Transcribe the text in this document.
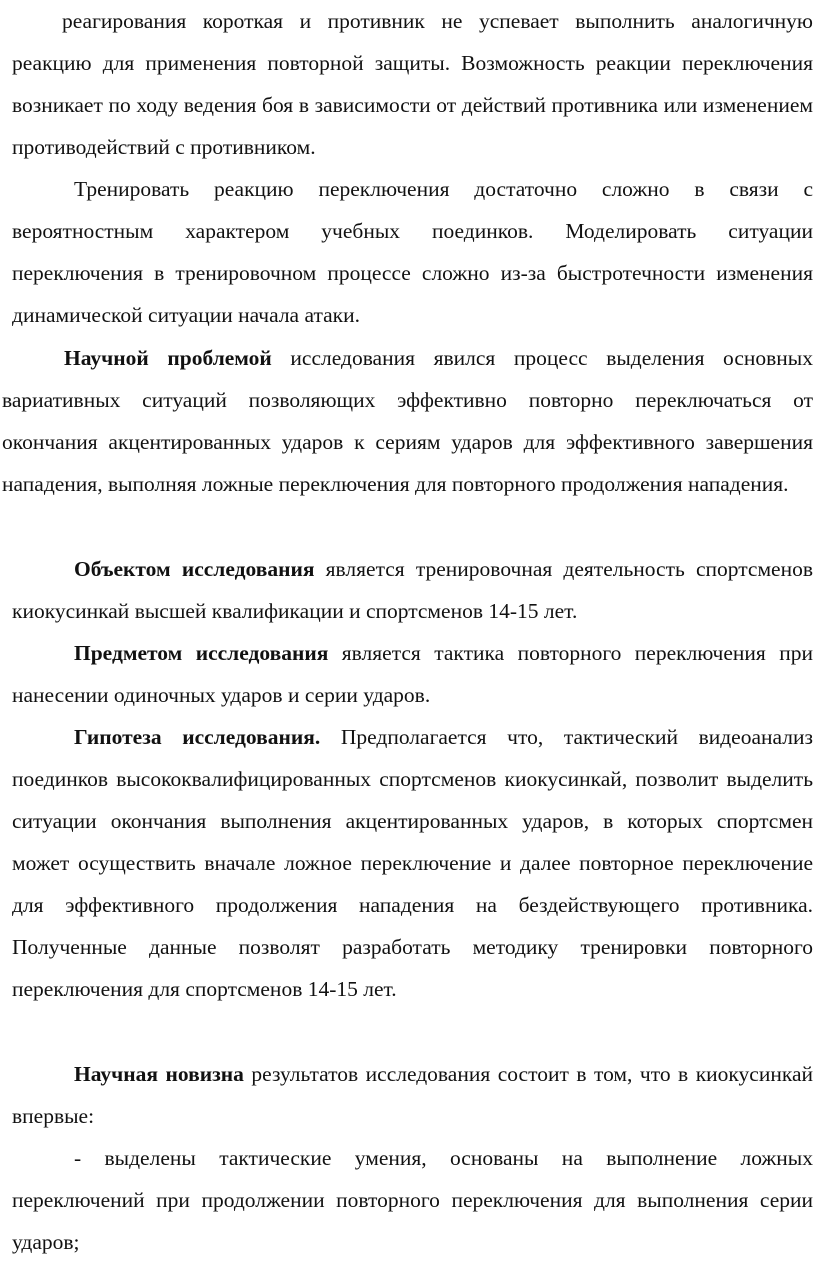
реагирования короткая и противник не успевает выполнить аналогичную реакцию для применения повторной защиты. Возможность реакции переключения возникает по ходу ведения боя в зависимости от действий противника или изменением противодействий с противником.

Тренировать реакцию переключения достаточно сложно в связи с вероятностным характером учебных поединков. Моделировать ситуации переключения в тренировочном процессе сложно из-за быстротечности изменения динамической ситуации начала атаки.

Научной проблемой исследования явился процесс выделения основных вариативных ситуаций позволяющих эффективно повторно переключаться от окончания акцентированных ударов к сериям ударов для эффективного завершения нападения, выполняя ложные переключения для повторного продолжения нападения.

Объектом исследования является тренировочная деятельность спортсменов киокусинкай высшей квалификации и спортсменов 14-15 лет.

Предметом исследования является тактика повторного переключения при нанесении одиночных ударов и серии ударов.

Гипотеза исследования. Предполагается что, тактический видеоанализ поединков высококвалифицированных спортсменов киокусинкай, позволит выделить ситуации окончания выполнения акцентированных ударов, в которых спортсмен может осуществить вначале ложное переключение и далее повторное переключение для эффективного продолжения нападения на бездействующего противника. Полученные данные позволят разработать методику тренировки повторного переключения для спортсменов 14-15 лет.

Научная новизна результатов исследования состоит в том, что в киокусинкай впервые:

- выделены тактические умения, основаны на выполнение ложных переключений при продолжении повторного переключения для выполнения серии ударов;
